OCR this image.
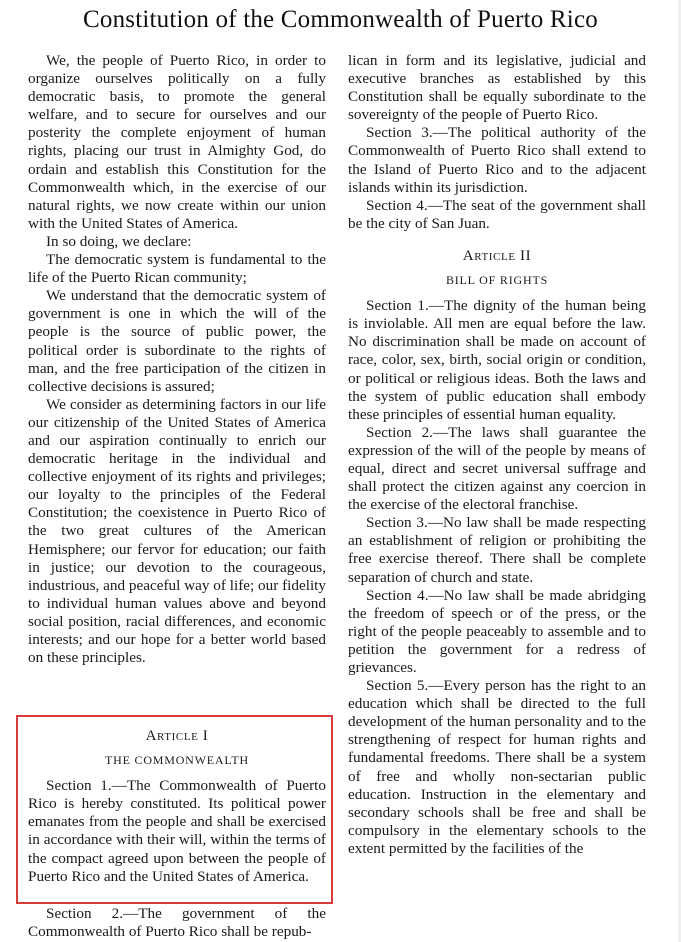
Constitution of the Commonwealth of Puerto Rico

We, the people of Puerto Rico, in order to organize ourselves politically on a fully democratic basis, to promote the general welfare, and to secure for ourselves and our posterity the complete enjoyment of human rights, placing our trust in Almighty God, do ordain and establish this Constitution for the Commonwealth which, in the exercise of our natural rights, we now create within our union with the United States of America.

In so doing, we declare:

The democratic system is fundamental to the life of the Puerto Rican community;

We understand that the democratic system of government is one in which the will of the people is the source of public power, the political order is subordinate to the rights of man, and the free participation of the citizen in collective decisions is assured;

We consider as determining factors in our life our citizenship of the United States of America and our aspiration continually to enrich our democratic heritage in the individual and collective enjoyment of its rights and privileges; our loyalty to the principles of the Federal Constitution; the coexistence in Puerto Rico of the two great cultures of the American Hemisphere; our fervor for education; our faith in justice; our devotion to the courageous, industrious, and peaceful way of life; our fidelity to individual human values above and beyond social position, racial differences, and economic interests; and our hope for a better world based on these principles.

Article I
THE COMMONWEALTH

Section 1.—The Commonwealth of Puerto Rico is hereby constituted. Its political power emanates from the people and shall be exercised in accordance with their will, within the terms of the compact agreed upon between the people of Puerto Rico and the United States of America.

Section 2.—The government of the Commonwealth of Puerto Rico shall be repub-

lican in form and its legislative, judicial and executive branches as established by this Constitution shall be equally subordinate to the sovereignty of the people of Puerto Rico.

Section 3.—The political authority of the Commonwealth of Puerto Rico shall extend to the Island of Puerto Rico and to the adjacent islands within its jurisdiction.

Section 4.—The seat of the government shall be the city of San Juan.

Article II
BILL OF RIGHTS

Section 1.—The dignity of the human being is inviolable. All men are equal before the law. No discrimination shall be made on account of race, color, sex, birth, social origin or condition, or political or religious ideas. Both the laws and the system of public education shall embody these principles of essential human equality.

Section 2.—The laws shall guarantee the expression of the will of the people by means of equal, direct and secret universal suffrage and shall protect the citizen against any coercion in the exercise of the electoral franchise.

Section 3.—No law shall be made respecting an establishment of religion or prohibiting the free exercise thereof. There shall be complete separation of church and state.

Section 4.—No law shall be made abridging the freedom of speech or of the press, or the right of the people peaceably to assemble and to petition the government for a redress of grievances.

Section 5.—Every person has the right to an education which shall be directed to the full development of the human personality and to the strengthening of respect for human rights and fundamental freedoms. There shall be a system of free and wholly non-sectarian public education. Instruction in the elementary and secondary schools shall be free and shall be compulsory in the elementary schools to the extent permitted by the facilities of the
